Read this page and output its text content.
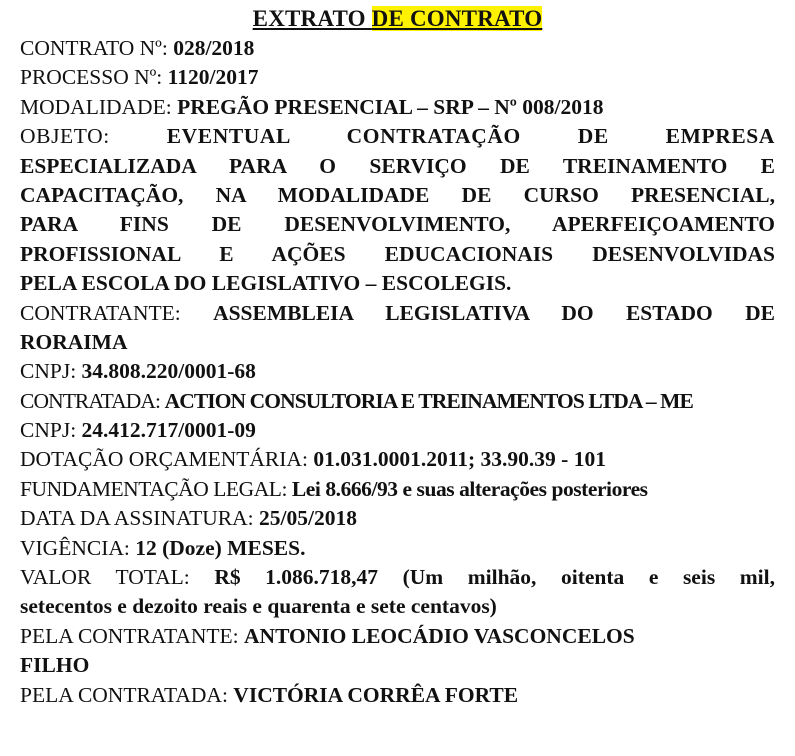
EXTRATO DE CONTRATO
CONTRATO Nº: 028/2018
PROCESSO Nº: 1120/2017
MODALIDADE: PREGÃO PRESENCIAL – SRP – Nº 008/2018
OBJETO: EVENTUAL CONTRATAÇÃO DE EMPRESA
ESPECIALIZADA PARA O SERVIÇO DE TREINAMENTO E
CAPACITAÇÃO, NA MODALIDADE DE CURSO PRESENCIAL,
PARA FINS DE DESENVOLVIMENTO, APERFEIÇOAMENTO
PROFISSIONAL E AÇÕES EDUCACIONAIS DESENVOLVIDAS
PELA ESCOLA DO LEGISLATIVO – ESCOLEGIS.
CONTRATANTE: ASSEMBLEIA LEGISLATIVA DO ESTADO DE
RORAIMA
CNPJ: 34.808.220/0001-68
CONTRATADA: ACTION CONSULTORIA E TREINAMENTOS LTDA – ME
CNPJ: 24.412.717/0001-09
DOTAÇÃO ORÇAMENTÁRIA: 01.031.0001.2011; 33.90.39 - 101
FUNDAMENTAÇÃO LEGAL: Lei 8.666/93 e suas alterações posteriores
DATA DA ASSINATURA: 25/05/2018
VIGÊNCIA: 12 (Doze) MESES.
VALOR TOTAL: R$ 1.086.718,47 (Um milhão, oitenta e seis mil,
setecentos e dezoito reais e quarenta e sete centavos)
PELA CONTRATANTE: ANTONIO LEOCÁDIO VASCONCELOS
FILHO
PELA CONTRATADA: VICTÓRIA CORRÊA FORTE
